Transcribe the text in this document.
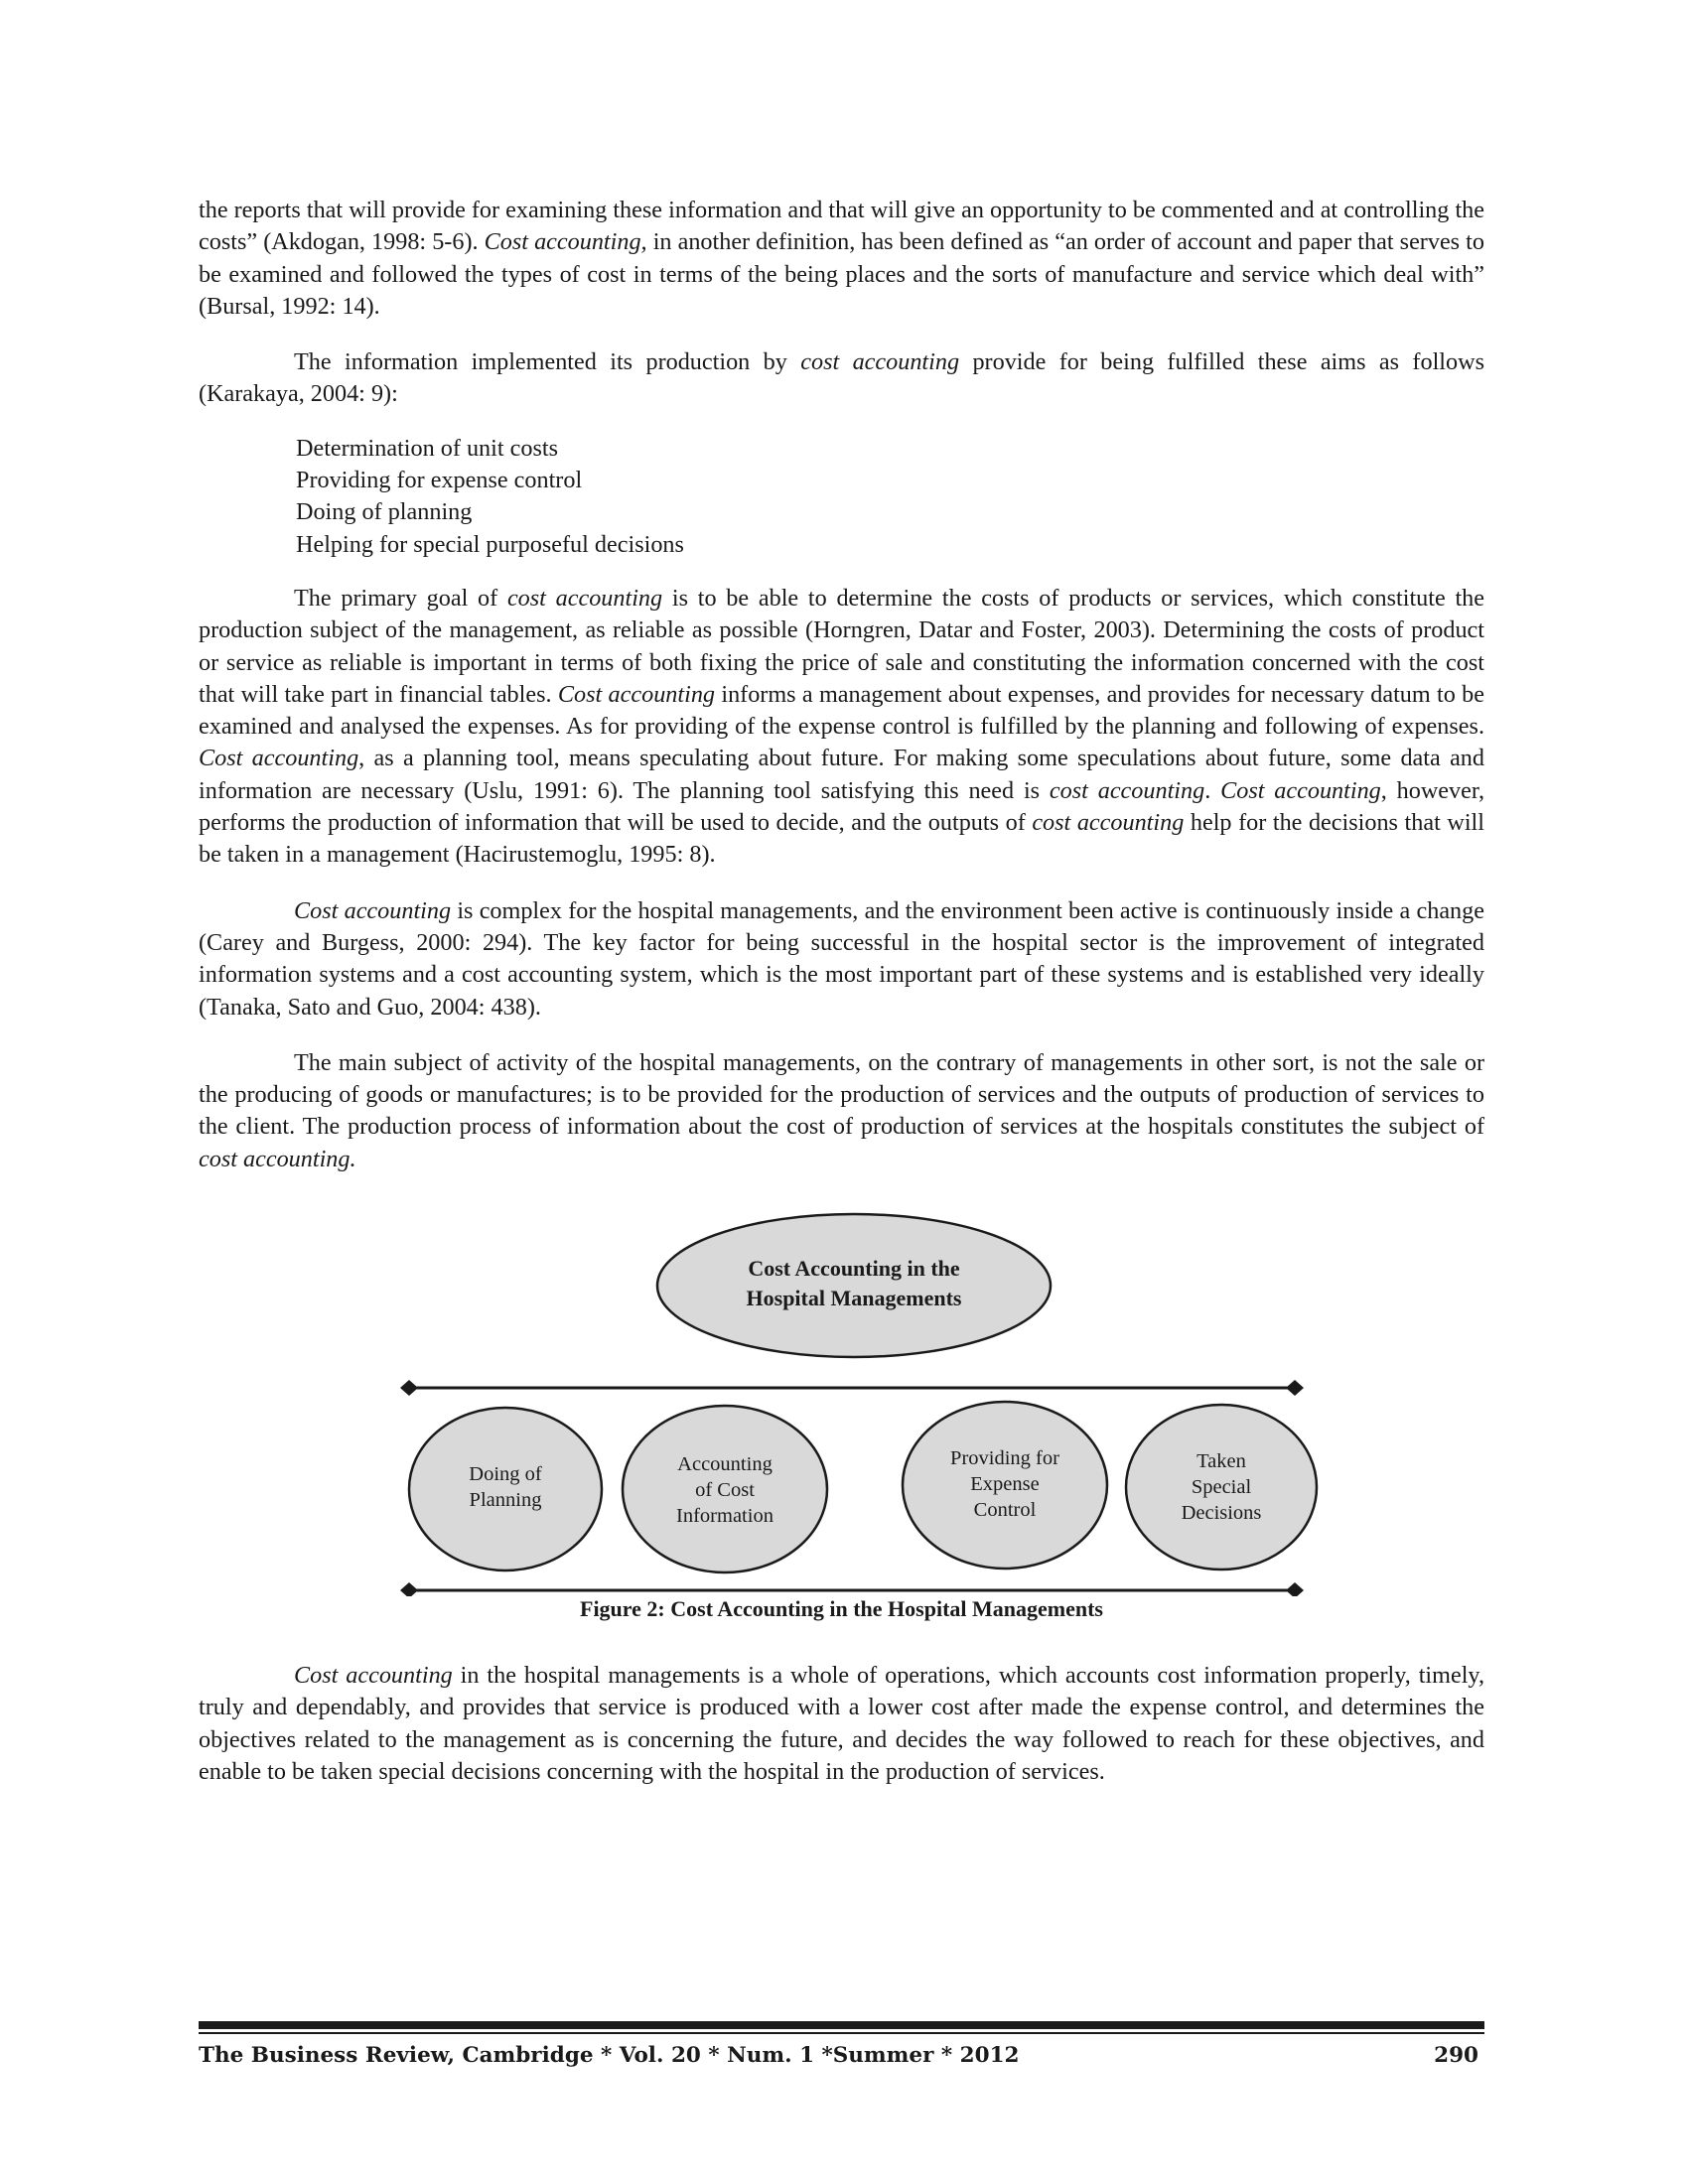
the reports that will provide for examining these information and that will give an opportunity to be commented and at controlling the costs” (Akdogan, 1998: 5-6). Cost accounting, in another definition, has been defined as “an order of account and paper that serves to be examined and followed the types of cost in terms of the being places and the sorts of manufacture and service which deal with” (Bursal, 1992: 14).

The information implemented its production by cost accounting provide for being fulfilled these aims as follows (Karakaya, 2004: 9):

Determination of unit costs
Providing for expense control
Doing of planning
Helping for special purposeful decisions

The primary goal of cost accounting is to be able to determine the costs of products or services, which constitute the production subject of the management, as reliable as possible (Horngren, Datar and Foster, 2003). Determining the costs of product or service as reliable is important in terms of both fixing the price of sale and constituting the information concerned with the cost that will take part in financial tables. Cost accounting informs a management about expenses, and provides for necessary datum to be examined and analysed the expenses. As for providing of the expense control is fulfilled by the planning and following of expenses. Cost accounting, as a planning tool, means speculating about future. For making some speculations about future, some data and information are necessary (Uslu, 1991: 6). The planning tool satisfying this need is cost accounting. Cost accounting, however, performs the production of information that will be used to decide, and the outputs of cost accounting help for the decisions that will be taken in a management (Hacirustemoglu, 1995: 8).

Cost accounting is complex for the hospital managements, and the environment been active is continuously inside a change (Carey and Burgess, 2000: 294). The key factor for being successful in the hospital sector is the improvement of integrated information systems and a cost accounting system, which is the most important part of these systems and is established very ideally (Tanaka, Sato and Guo, 2004: 438).

The main subject of activity of the hospital managements, on the contrary of managements in other sort, is not the sale or the producing of goods or manufactures; is to be provided for the production of services and the outputs of production of services to the client. The production process of information about the cost of production of services at the hospitals constitutes the subject of cost accounting.

Cost Accounting in the
Hospital Managements
Doing of
Planning
Accounting
of Cost
Information
Providing for
Expense
Control
Taken
Special
Decisions
Figure 2: Cost Accounting in the Hospital Managements

Cost accounting in the hospital managements is a whole of operations, which accounts cost information properly, timely, truly and dependably, and provides that service is produced with a lower cost after made the expense control, and determines the objectives related to the management as is concerning the future, and decides the way followed to reach for these objectives, and enable to be taken special decisions concerning with the hospital in the production of services.

The Business Review, Cambridge * Vol. 20 * Num. 1 *Summer * 2012	290
